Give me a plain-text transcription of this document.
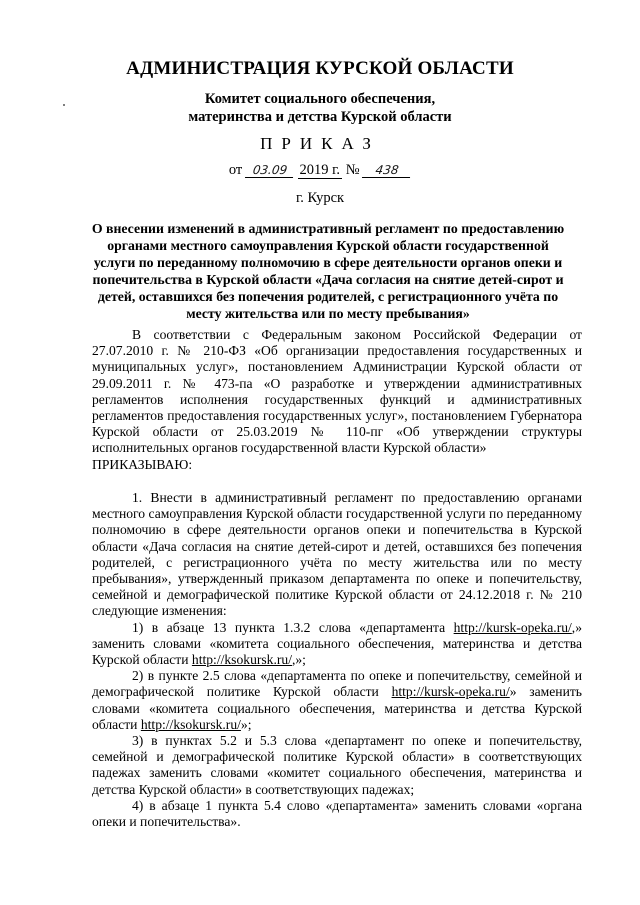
АДМИНИСТРАЦИЯ КУРСКОЙ ОБЛАСТИ
Комитет социального обеспечения,
материнства и детства Курской области
ПРИКАЗ
от 03.09 2019 г. № 438
г. Курск
О внесении изменений в административный регламент по предоставлению органами местного самоуправления Курской области государственной услуги по переданному полномочию в сфере деятельности органов опеки и попечительства в Курской области «Дача согласия на снятие детей-сирот и детей, оставшихся без попечения родителей, с регистрационного учёта по месту жительства или по месту пребывания»

В соответствии с Федеральным законом Российской Федерации от 27.07.2010 г. № 210-ФЗ «Об организации предоставления государственных и муниципальных услуг», постановлением Администрации Курской области от 29.09.2011 г. № 473-па «О разработке и утверждении административных регламентов исполнения государственных функций и административных регламентов предоставления государственных услуг», постановлением Губернатора Курской области от 25.03.2019 № 110-пг «Об утверждении структуры исполнительных органов государственной власти Курской области»

ПРИКАЗЫВАЮ:

1. Внести в административный регламент по предоставлению органами местного самоуправления Курской области государственной услуги по переданному полномочию в сфере деятельности органов опеки и попечительства в Курской области «Дача согласия на снятие детей-сирот и детей, оставшихся без попечения родителей, с регистрационного учёта по месту жительства или по месту пребывания», утвержденный приказом департамента по опеке и попечительству, семейной и демографической политике Курской области от 24.12.2018 г. № 210 следующие изменения:

1) в абзаце 13 пункта 1.3.2 слова «департамента http://kursk-opeka.ru/,» заменить словами «комитета социального обеспечения, материнства и детства Курской области http://ksokursk.ru/,»;

2) в пункте 2.5 слова «департамента по опеке и попечительству, семейной и демографической политике Курской области http://kursk-opeka.ru/» заменить словами «комитета социального обеспечения, материнства и детства Курской области http://ksokursk.ru/»;

3) в пунктах 5.2 и 5.3 слова «департамент по опеке и попечительству, семейной и демографической политике Курской области» в соответствующих падежах заменить словами «комитет социального обеспечения, материнства и детства Курской области» в соответствующих падежах;

4) в абзаце 1 пункта 5.4 слово «департамента» заменить словами «органа опеки и попечительства».
